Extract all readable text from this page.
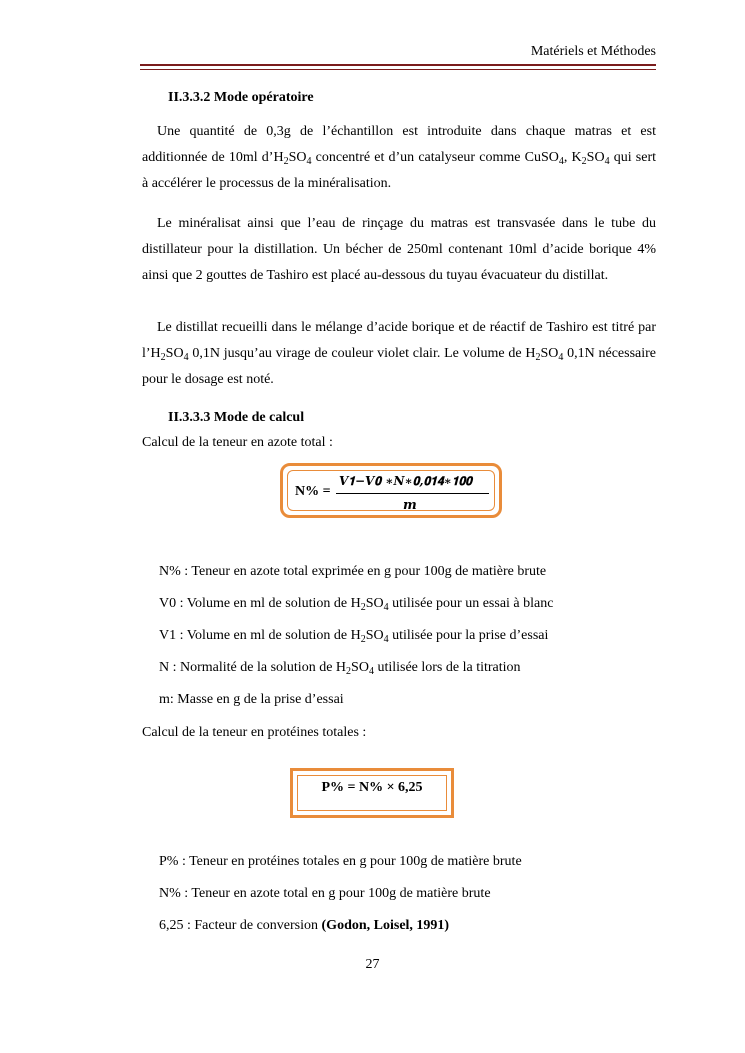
Matériels et Méthodes
II.3.3.2 Mode opératoire

Une quantité de 0,3g de l’échantillon est introduite dans chaque matras et est additionnée de 10ml $d’H_2SO_4$ concentré et d’un catalyseur comme CuSO$_4$, $K_2SO_4$ qui sert à accélérer le processus de la minéralisation.

Le minéralisat ainsi que l’eau de rinçage du matras est transvasée dans le tube du distillateur pour la distillation. Un bécher de 250ml contenant 10ml d’acide borique 4% ainsi que 2 gouttes de Tashiro est placé au-dessous du tuyau évacuateur du distillat.

Le distillat recueilli dans le mélange d’acide borique et de réactif de Tashiro est titré par $l’H_2SO_4$ 0,1N jusqu’au virage de couleur violet clair. Le volume de $H_2SO_4$ 0,1N nécessaire pour le dosage est noté.

II.3.3.3 Mode de calcul
Calcul de la teneur en azote total :
N% =
𝑽𝟏−𝑽𝟎 ∗𝑵∗𝟎,𝟎𝟏𝟒∗𝟏𝟎𝟎
𝒎
N% : Teneur en azote total exprimée en g pour 100g de matière brute
V0 : Volume en ml de solution de $H_2SO_4$ utilisée pour un essai à blanc
V1 : Volume en ml de solution de $H_2SO_4$ utilisée pour la prise d’essai
N : Normalité de la solution de $H_2SO_4$ utilisée lors de la titration
m: Masse en g de la prise d’essai
Calcul de la teneur en protéines totales :
P% = N% × 6,25
P% : Teneur en protéines totales en g pour 100g de matière brute
N% : Teneur en azote total en g pour 100g de matière brute
6,25 : Facteur de conversion (Godon, Loisel, 1991)
27
